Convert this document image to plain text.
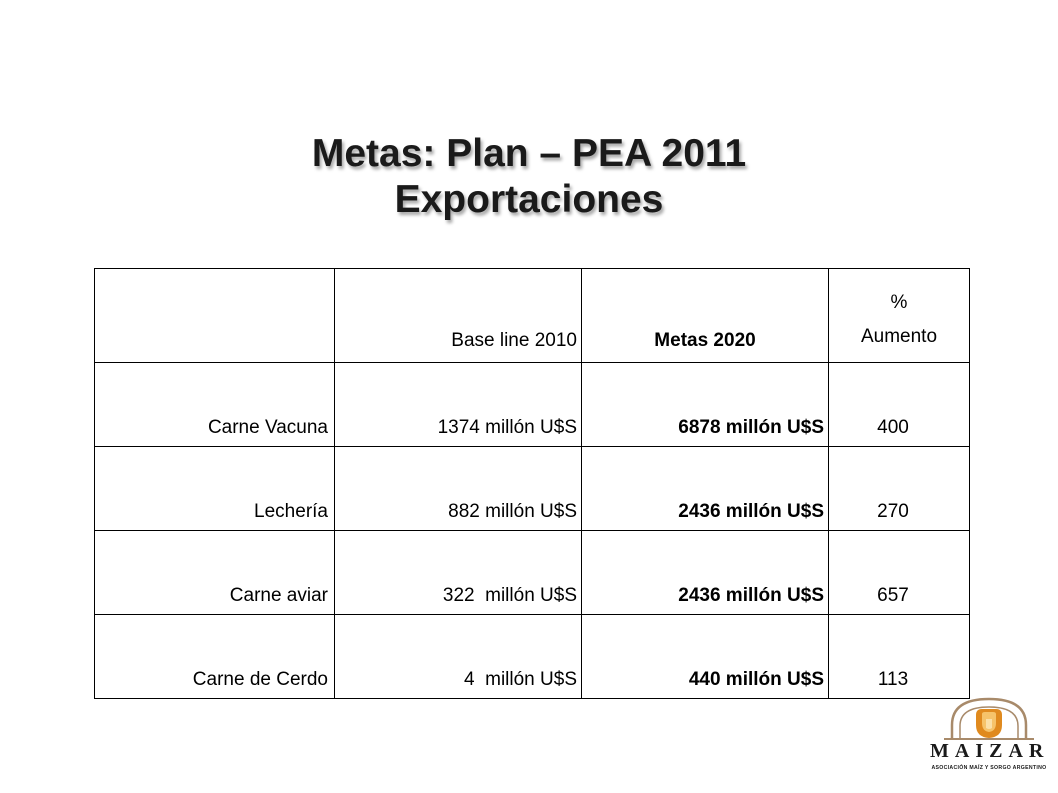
Metas: Plan – PEA 2011
Exportaciones
	Base line 2010	Metas 2020	%
Aumento

Carne Vacuna	1374 millón U$S	6878 millón U$S	400
Lechería	882 millón U$S	2436 millón U$S	270
Carne aviar	322  millón U$S	2436 millón U$S	657
Carne de Cerdo	4  millón U$S	440 millón U$S	113
MAIZAR
ASOCIACIÓN MAÍZ Y SORGO ARGENTINO
